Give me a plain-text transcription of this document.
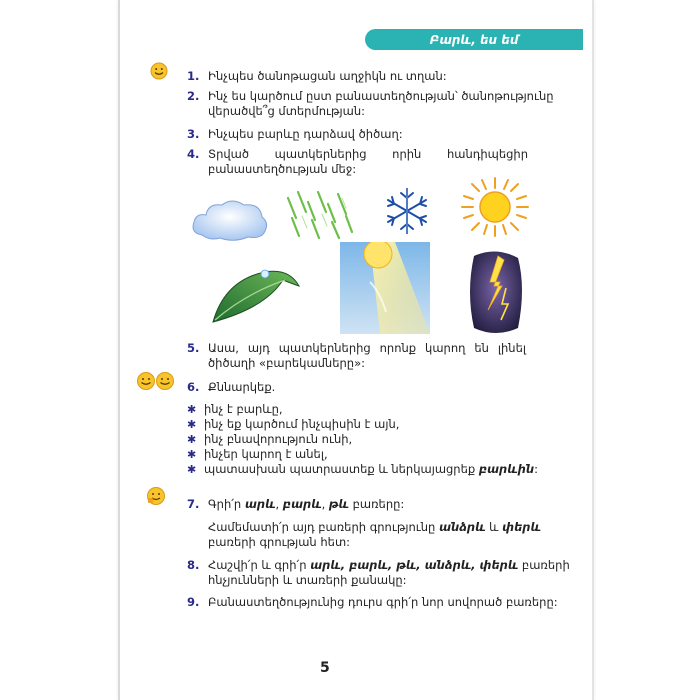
Բարև, ես եմ
1. Ինչպես ծանոթացան աղջիկն ու տղան:
2. Ինչ ես կարծում ըստ բանաստեղծության՝ ծանոթությունը
վերածվե՞ց մտերմության:
3. Ինչպես բարևը դարձավ ծիծաղ:
4. Տրված պատկերներից որին հանդիպեցիր
բանաստեղծության մեջ:
5. Ասա, այդ պատկերներից որոնք կարող են լինել
ծիծաղի «բարեկամները»:
6. Քննարկեք.
✱ ինչ է բարևը,
✱ ինչ եք կարծում ինչպիսին է այն,
✱ ինչ բնավորություն ունի,
✱ ինչեր կարող է անել,
✱ պատասխան պատրաստեք և ներկայացրեք բարևին:
7. Գրի՛ր արև, բարև, թև բառերը:
Համեմատի՛ր այդ բառերի գրությունը անձրև և փերև
բառերի գրության հետ:
8. Հաշվի՛ր և գրի՛ր արև, բարև, թև, անձրև, փերև բառերի
հնչյունների և տառերի քանակը:
9. Բանաստեղծությունից դուրս գրի՛ր նոր սովորած բառերը:
5
